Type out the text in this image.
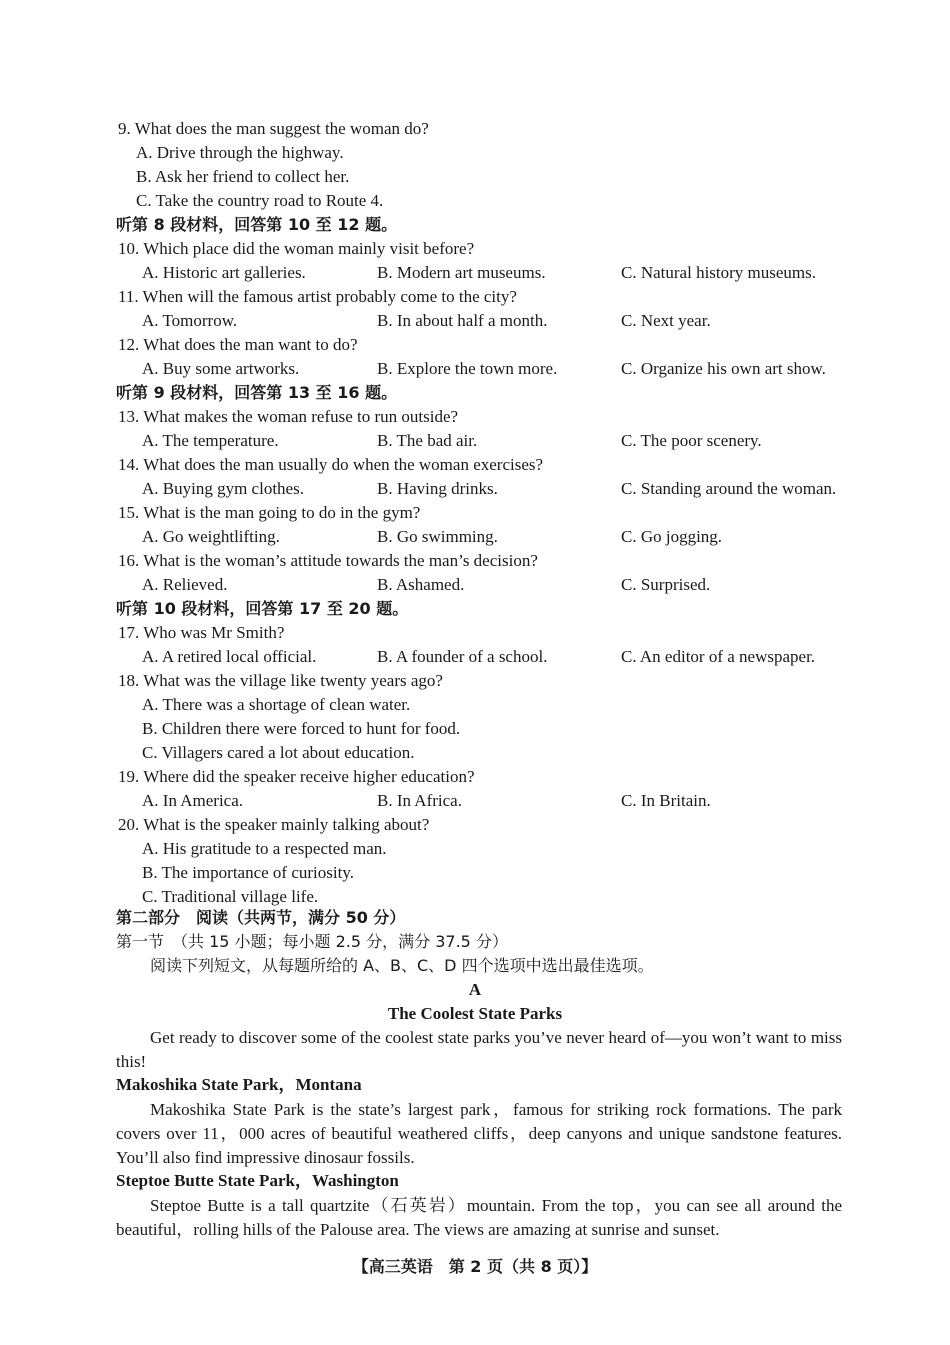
9. What does the man suggest the woman do?
A. Drive through the highway.
B. Ask her friend to collect her.
C. Take the country road to Route 4.
听第 8 段材料，回答第 10 至 12 题。
10. Which place did the woman mainly visit before?
A. Historic art galleries.	B. Modern art museums.	C. Natural history museums.
11. When will the famous artist probably come to the city?
A. Tomorrow.	B. In about half a month.	C. Next year.
12. What does the man want to do?
A. Buy some artworks.	B. Explore the town more.	C. Organize his own art show.
听第 9 段材料，回答第 13 至 16 题。
13. What makes the woman refuse to run outside?
A. The temperature.	B. The bad air.	C. The poor scenery.
14. What does the man usually do when the woman exercises?
A. Buying gym clothes.	B. Having drinks.	C. Standing around the woman.
15. What is the man going to do in the gym?
A. Go weightlifting.	B. Go swimming.	C. Go jogging.
16. What is the woman’s attitude towards the man’s decision?
A. Relieved.	B. Ashamed.	C. Surprised.
听第 10 段材料，回答第 17 至 20 题。
17. Who was Mr Smith?
A. A retired local official.	B. A founder of a school.	C. An editor of a newspaper.
18. What was the village like twenty years ago?
A. There was a shortage of clean water.
B. Children there were forced to hunt for food.
C. Villagers cared a lot about education.
19. Where did the speaker receive higher education?
A. In America.	B. In Africa.	C. In Britain.
20. What is the speaker mainly talking about?
A. His gratitude to a respected man.
B. The importance of curiosity.
C. Traditional village life.
第二部分　阅读（共两节，满分 50 分）
第一节　（共 15 小题；每小题 2.5 分，满分 37.5 分）
阅读下列短文，从每题所给的 A、B、C、D 四个选项中选出最佳选项。
A
The Coolest State Parks
Get ready to discover some of the coolest state parks you’ve never heard of—you won’t want to miss this!
Makoshika State Park，Montana
Makoshika State Park is the state’s largest park，famous for striking rock formations. The park covers over 11，000 acres of beautiful weathered cliffs，deep canyons and unique sandstone features. You’ll also find impressive dinosaur fossils.
Steptoe Butte State Park，Washington
Steptoe Butte is a tall quartzite（石英岩）mountain. From the top，you can see all around the beautiful，rolling hills of the Palouse area. The views are amazing at sunrise and sunset.
【高三英语　第 2 页（共 8 页）】
